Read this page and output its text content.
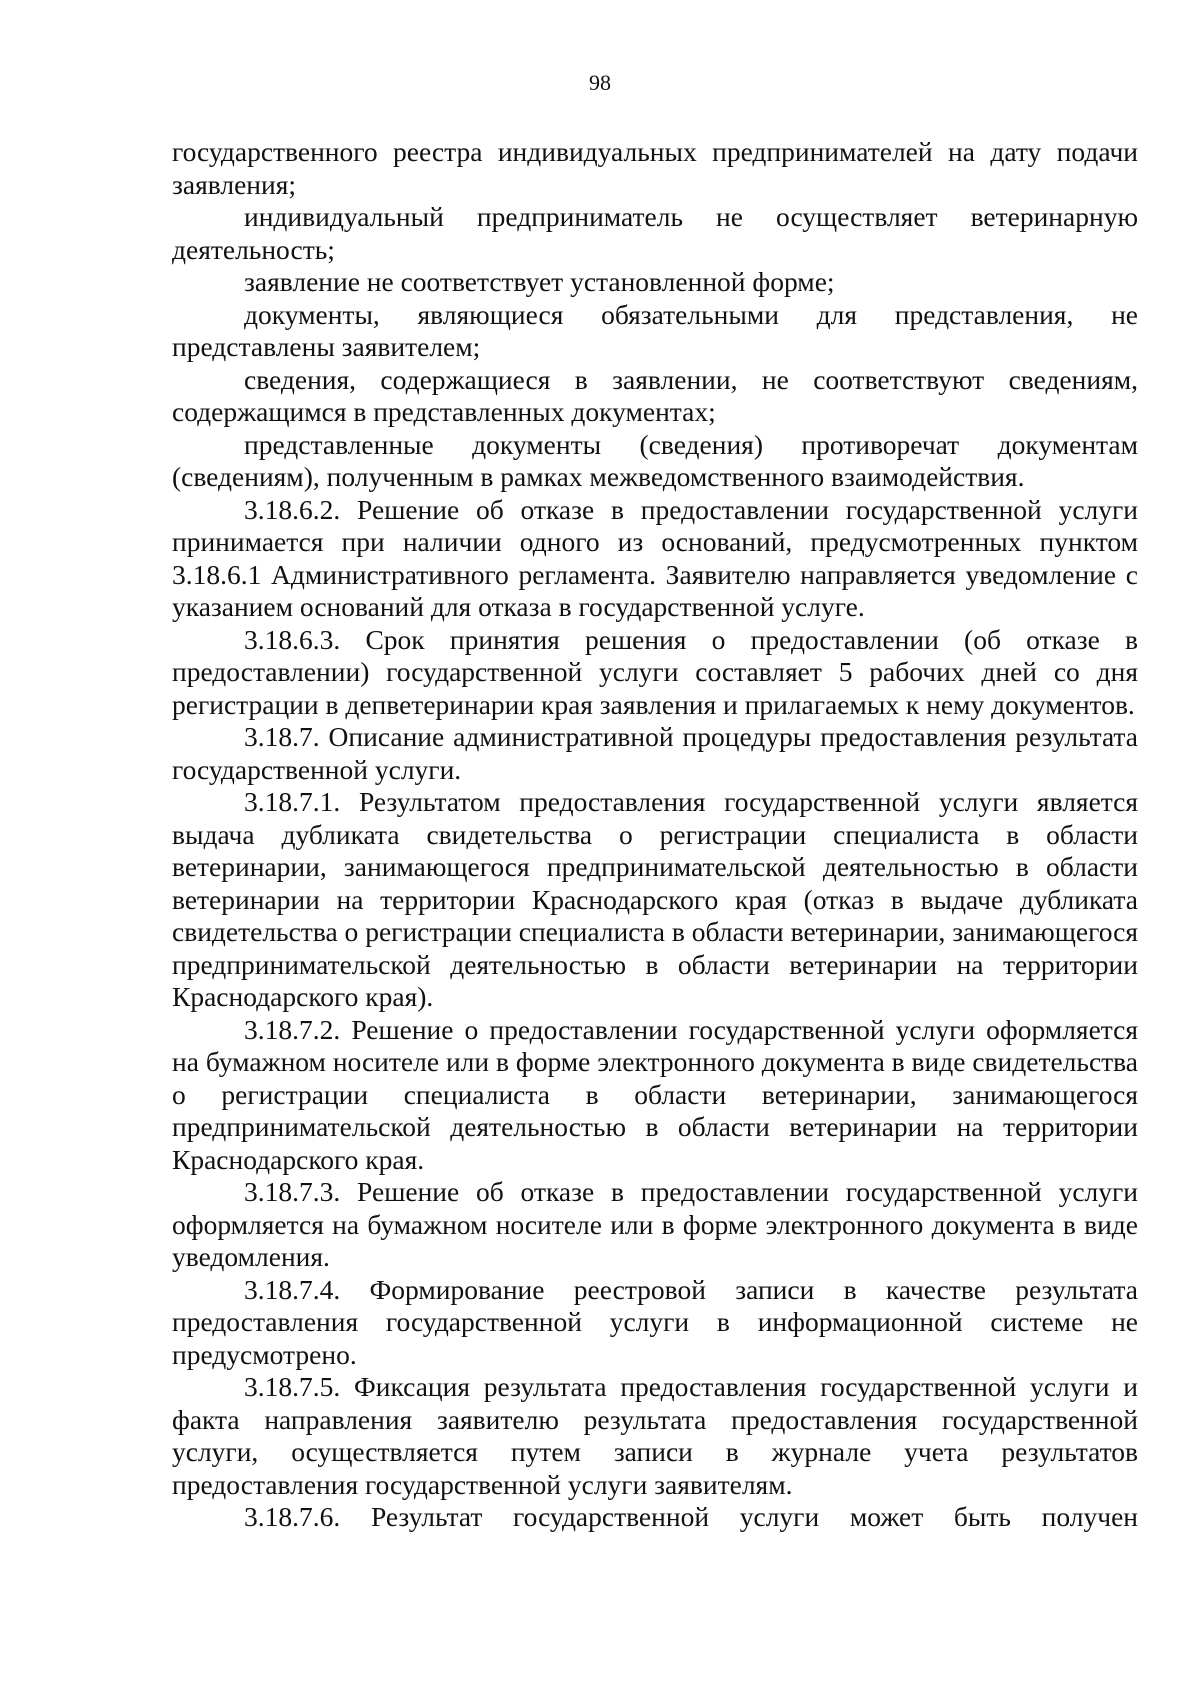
98

государственного реестра индивидуальных предпринимателей на дату подачи заявления;

индивидуальный предприниматель не осуществляет ветеринарную деятельность;

заявление не соответствует установленной форме;

документы, являющиеся обязательными для представления, не представлены заявителем;

сведения, содержащиеся в заявлении, не соответствуют сведениям, содержащимся в представленных документах;

представленные документы (сведения) противоречат документам (сведениям), полученным в рамках межведомственного взаимодействия.

3.18.6.2. Решение об отказе в предоставлении государственной услуги принимается при наличии одного из оснований, предусмотренных пунктом 3.18.6.1 Административного регламента. Заявителю направляется уведомление с указанием оснований для отказа в государственной услуге.

3.18.6.3. Срок принятия решения о предоставлении (об отказе в предоставлении) государственной услуги составляет 5 рабочих дней со дня регистрации в депветеринарии края заявления и прилагаемых к нему документов.

3.18.7. Описание административной процедуры предоставления результата государственной услуги.

3.18.7.1. Результатом предоставления государственной услуги является выдача дубликата свидетельства о регистрации специалиста в области ветеринарии, занимающегося предпринимательской деятельностью в области ветеринарии на территории Краснодарского края (отказ в выдаче дубликата свидетельства о регистрации специалиста в области ветеринарии, занимающегося предпринимательской деятельностью в области ветеринарии на территории Краснодарского края).

3.18.7.2. Решение о предоставлении государственной услуги оформляется на бумажном носителе или в форме электронного документа в виде свидетельства о регистрации специалиста в области ветеринарии, занимающегося предпринимательской деятельностью в области ветеринарии на территории Краснодарского края.

3.18.7.3. Решение об отказе в предоставлении государственной услуги оформляется на бумажном носителе или в форме электронного документа в виде уведомления.

3.18.7.4. Формирование реестровой записи в качестве результата предоставления государственной услуги в информационной системе не предусмотрено.

3.18.7.5. Фиксация результата предоставления государственной услуги и факта направления заявителю результата предоставления государственной услуги, осуществляется путем записи в журнале учета результатов предоставления государственной услуги заявителям.

3.18.7.6. Результат государственной услуги может быть получен
